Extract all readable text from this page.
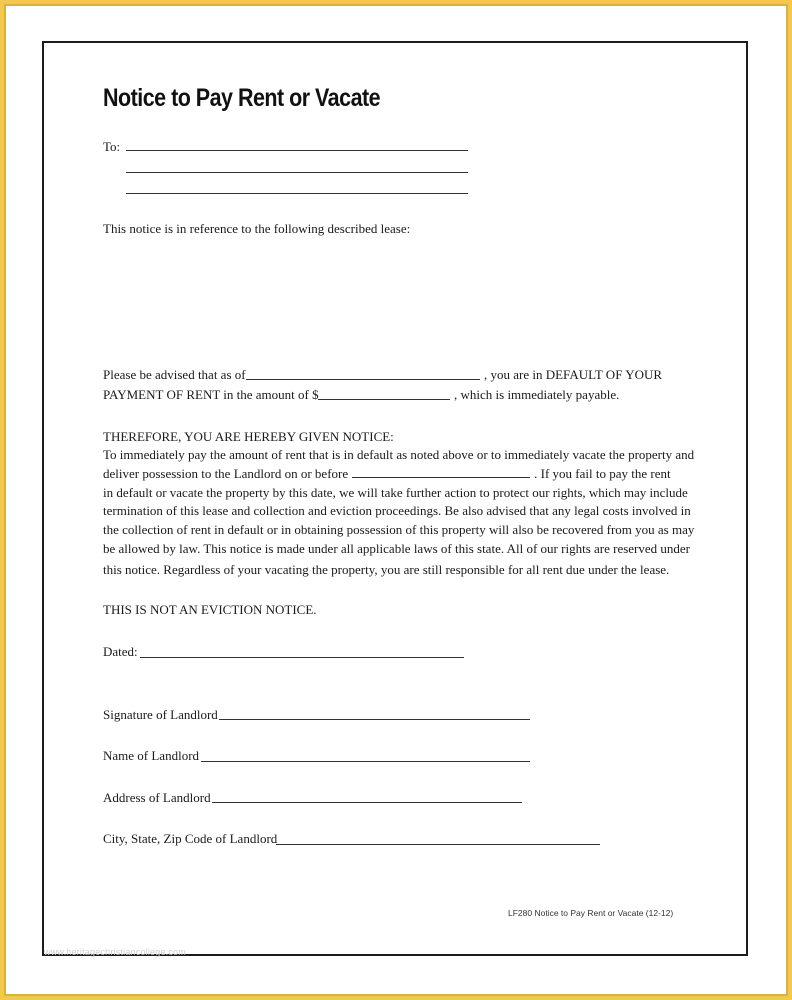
Notice to Pay Rent or Vacate
To:
This notice is in reference to the following described lease:
Please be advised that as of	, you are in DEFAULT OF YOUR
PAYMENT OF RENT in the amount of $	, which is immediately payable.
THEREFORE, YOU ARE HEREBY GIVEN NOTICE:
To immediately pay the amount of rent that is in default as noted above or to immediately vacate the property and
deliver possession to the Landlord on or before	. If you fail to pay the rent
in default or vacate the property by this date, we will take further action to protect our rights, which may include
termination of this lease and collection and eviction proceedings. Be also advised that any legal costs involved in
the collection of rent in default or in obtaining possession of this property will also be recovered from you as may
be allowed by law. This notice is made under all applicable laws of this state. All of our rights are reserved under
this notice. Regardless of your vacating the property, you are still responsible for all rent due under the lease.
THIS IS NOT AN EVICTION NOTICE.
Dated:
Signature of Landlord
Name of Landlord
Address of Landlord
City, State, Zip Code of Landlord
LF280 Notice to Pay Rent or Vacate (12-12)
www.heritagechristiancollege.com
